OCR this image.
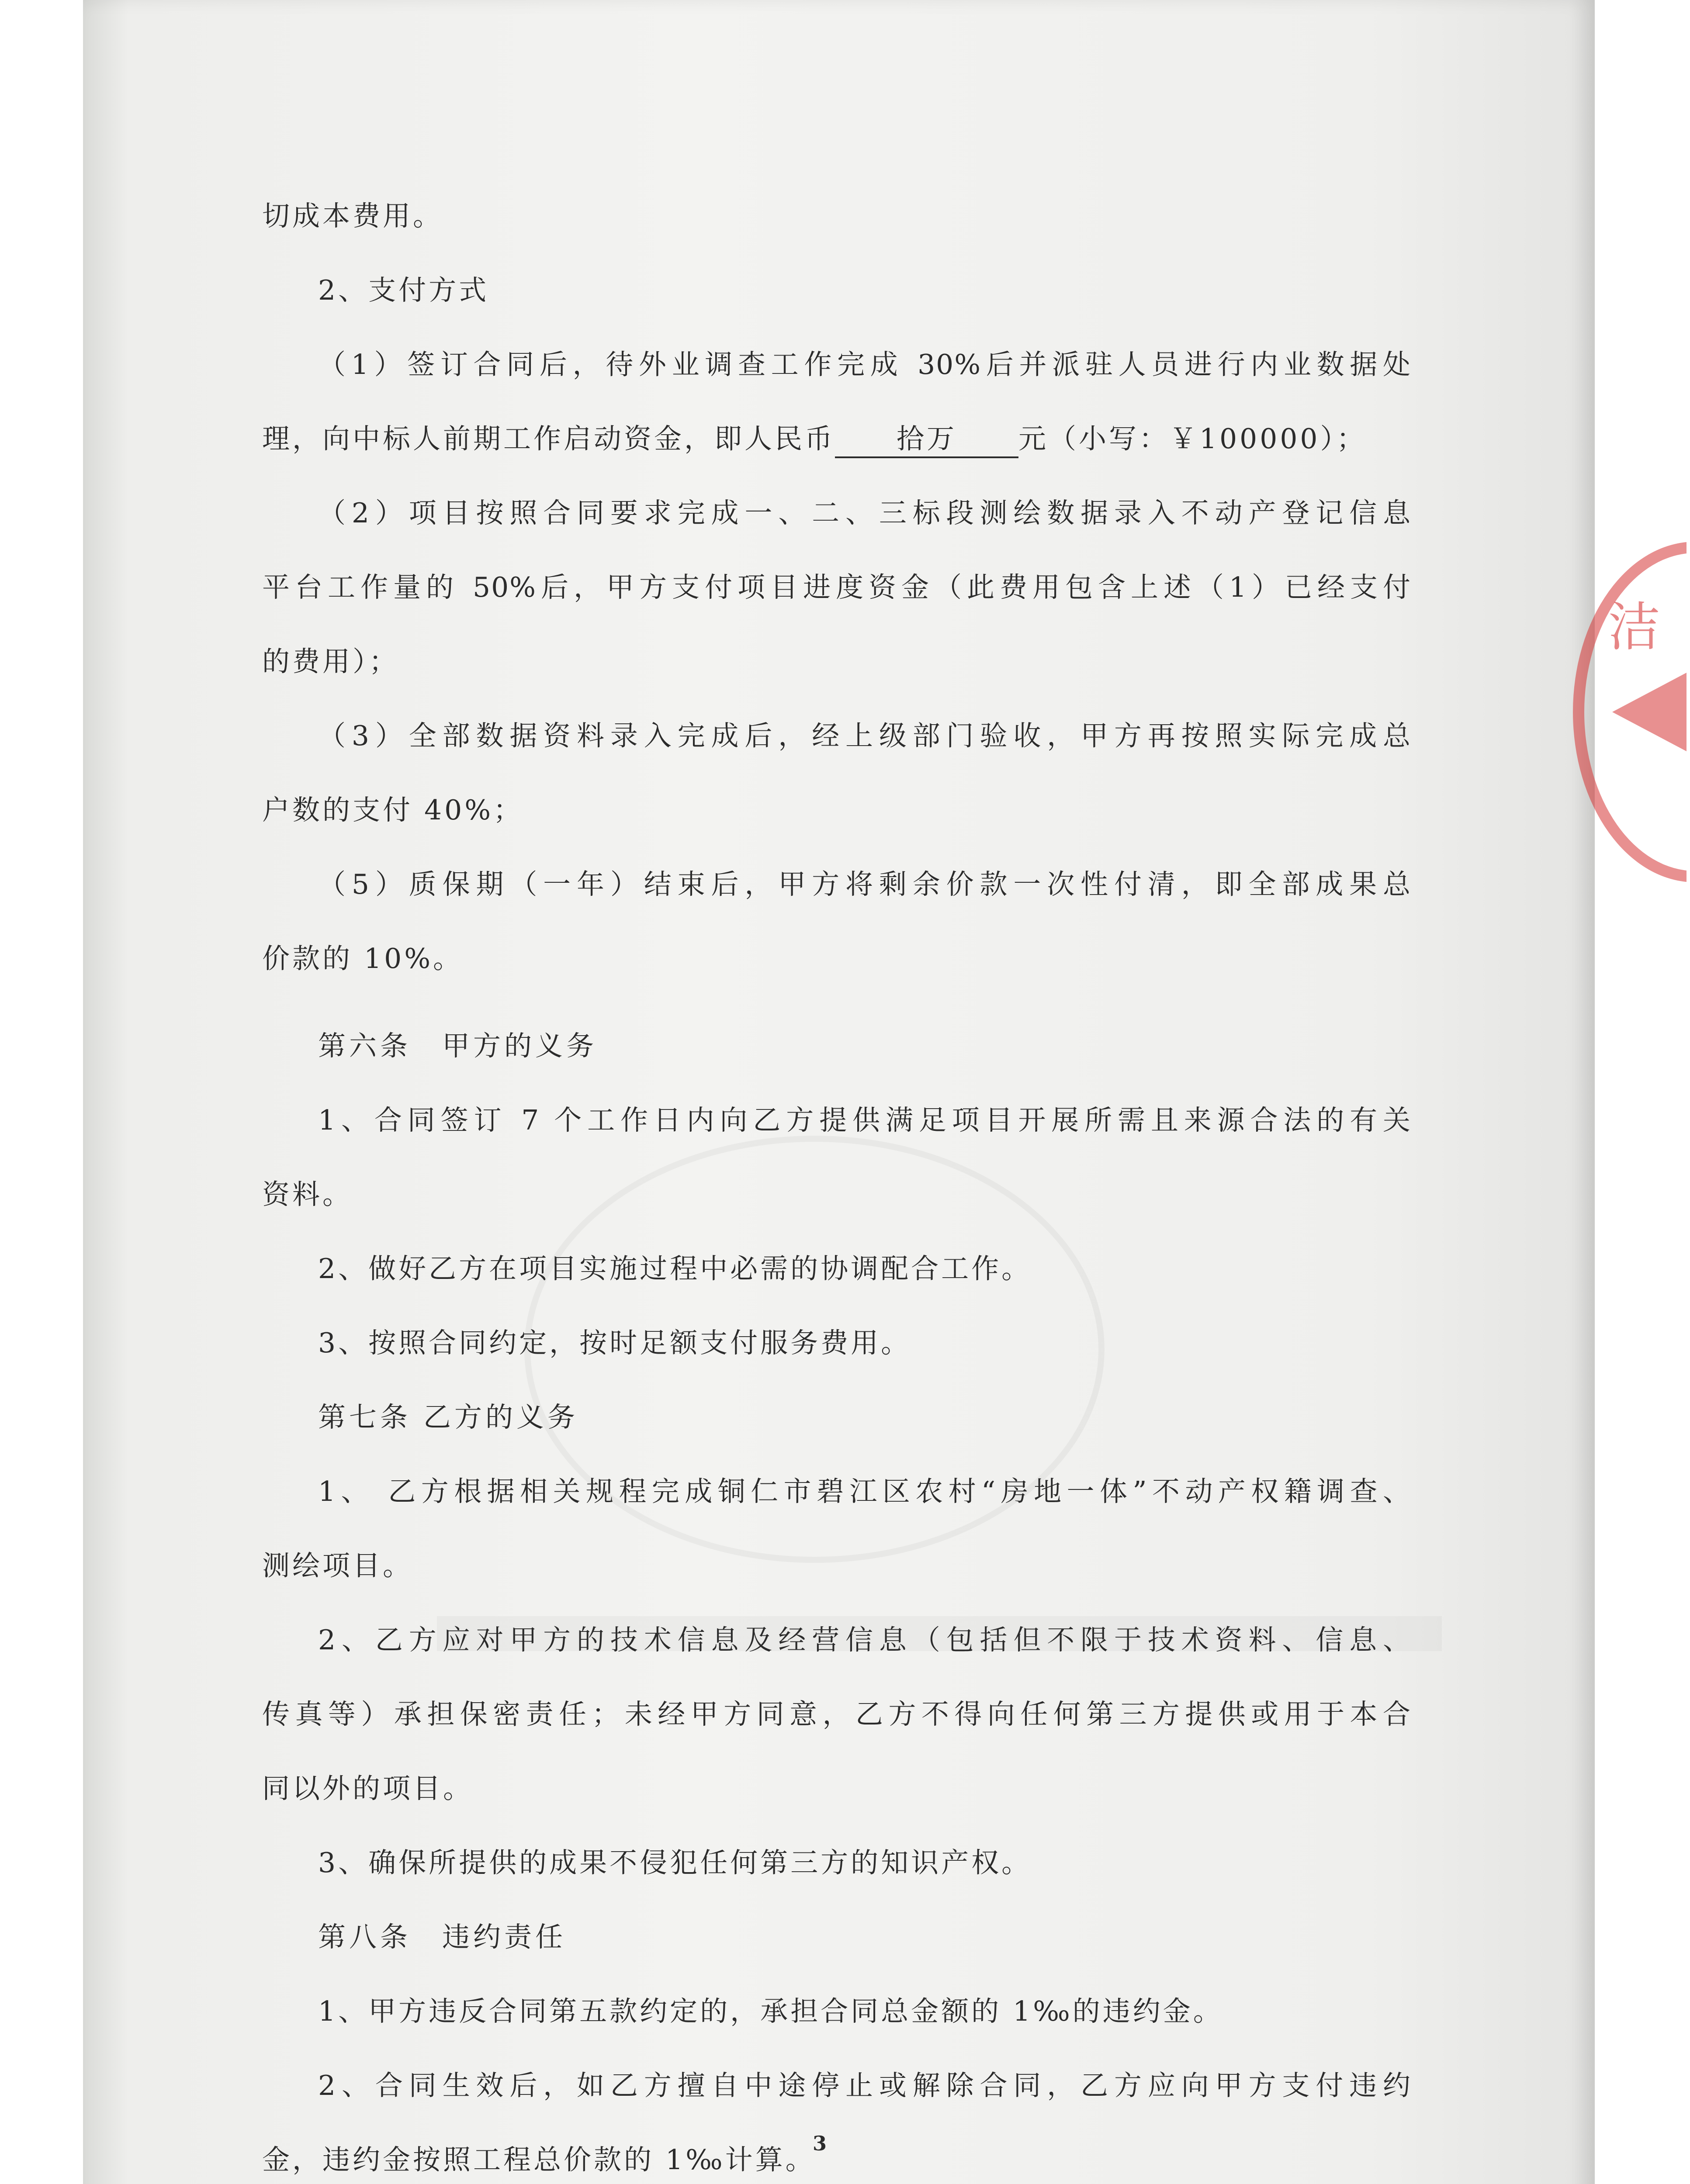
洁
切成本费用。
2、支付方式
（1）签订合同后，待外业调查工作完成 30%后并派驻人员进行内业数据处
理，向中标人前期工作启动资金，即人民币 拾万 元（小写：￥100000）；
（2）项目按照合同要求完成一、二、三标段测绘数据录入不动产登记信息
平台工作量的 50%后，甲方支付项目进度资金（此费用包含上述（1）已经支付
的费用）；
（3）全部数据资料录入完成后，经上级部门验收，甲方再按照实际完成总
户数的支付 40%；
（5）质保期（一年）结束后，甲方将剩余价款一次性付清，即全部成果总
价款的 10%。
第六条　甲方的义务
1、合同签订 7 个工作日内向乙方提供满足项目开展所需且来源合法的有关
资料。
2、做好乙方在项目实施过程中必需的协调配合工作。
3、按照合同约定，按时足额支付服务费用。
第七条 乙方的义务
1、 乙方根据相关规程完成铜仁市碧江区农村“房地一体”不动产权籍调查、
测绘项目。
2、乙方应对甲方的技术信息及经营信息（包括但不限于技术资料、信息、
传真等）承担保密责任；未经甲方同意，乙方不得向任何第三方提供或用于本合
同以外的项目。
3、确保所提供的成果不侵犯任何第三方的知识产权。
第八条　违约责任
1、甲方违反合同第五款约定的，承担合同总金额的 1‰的违约金。
2、合同生效后，如乙方擅自中途停止或解除合同，乙方应向甲方支付违约
金，违约金按照工程总价款的 1‰计算。
3
